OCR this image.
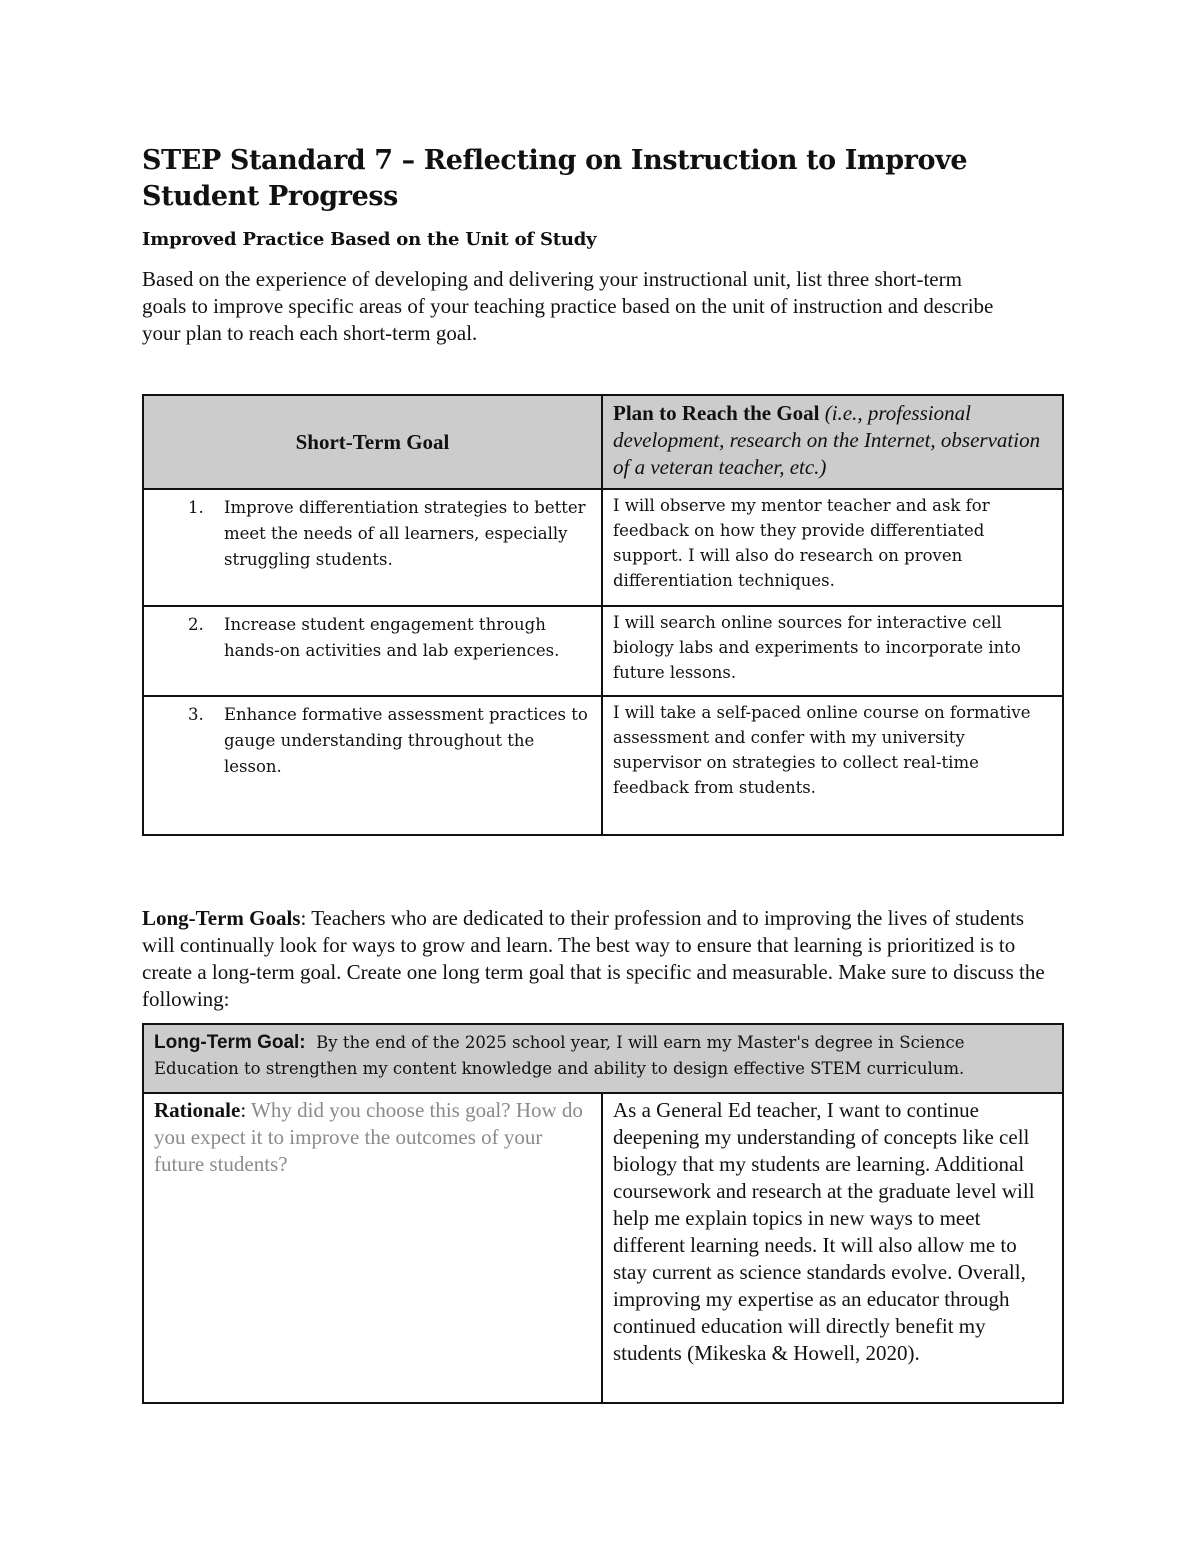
STEP Standard 7 – Reflecting on Instruction to Improve Student Progress
Improved Practice Based on the Unit of Study
Based on the experience of developing and delivering your instructional unit, list three short-term goals to improve specific areas of your teaching practice based on the unit of instruction and describe your plan to reach each short-term goal.
Short-Term Goal	Plan to Reach the Goal (i.e., professional development, research on the Internet, observation of a veteran teacher, etc.)

1. Improve differentiation strategies to better meet the needs of all learners, especially struggling students.	I will observe my mentor teacher and ask for feedback on how they provide differentiated support. I will also do research on proven differentiation techniques.

2. Increase student engagement through hands-on activities and lab experiences.	I will search online sources for interactive cell biology labs and experiments to incorporate into future lessons.

3. Enhance formative assessment practices to gauge understanding throughout the lesson.	I will take a self-paced online course on formative assessment and confer with my university supervisor on strategies to collect real-time feedback from students.
Long-Term Goals: Teachers who are dedicated to their profession and to improving the lives of students will continually look for ways to grow and learn. The best way to ensure that learning is prioritized is to create a long-term goal. Create one long term goal that is specific and measurable. Make sure to discuss the following:
Long-Term Goal: By the end of the 2025 school year, I will earn my Master's degree in Science Education to strengthen my content knowledge and ability to design effective STEM curriculum.
Rationale: Why did you choose this goal? How do you expect it to improve the outcomes of your future students?	As a General Ed teacher, I want to continue deepening my understanding of concepts like cell biology that my students are learning. Additional coursework and research at the graduate level will help me explain topics in new ways to meet different learning needs. It will also allow me to stay current as science standards evolve. Overall, improving my expertise as an educator through continued education will directly benefit my students (Mikeska & Howell, 2020).
